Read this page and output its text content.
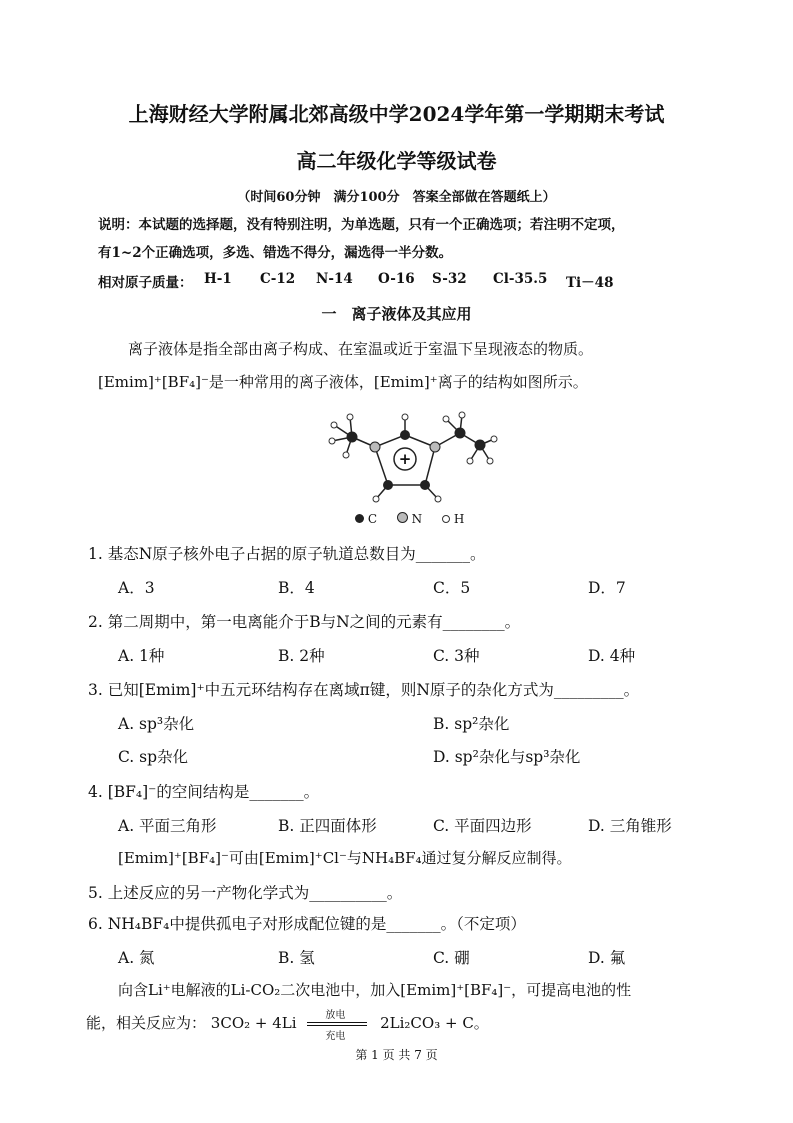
上海财经大学附属北郊高级中学2024学年第一学期期末考试
高二年级化学等级试卷
（时间60分钟　满分100分　答案全部做在答题纸上）
说明：本试题的选择题，没有特别注明，为单选题，只有一个正确选项；若注明不定项，
有1~2个正确选项，多选、错选不得分，漏选得一半分数。
相对原子质量： H-1 C-12 N-14 O-16 S-32 Cl-35.5 Ti－48
一　离子液体及其应用
离子液体是指全部由离子构成、在室温或近于室温下呈现液态的物质。
[Emim]⁺[BF₄]⁻是一种常用的离子液体，[Emim]⁺离子的结构如图所示。
+
C	N	H
1. 基态N原子核外电子占据的原子轨道总数目为_______。
A．3	B．4	C．5	D．7
2. 第二周期中，第一电离能介于B与N之间的元素有________。
A. 1种	B. 2种	C. 3种	D. 4种
3. 已知[Emim]⁺中五元环结构存在离域π键，则N原子的杂化方式为_________。
A. sp³杂化	B. sp²杂化
C. sp杂化	D. sp²杂化与sp³杂化
4. [BF₄]⁻的空间结构是_______。
A. 平面三角形	B. 正四面体形	C. 平面四边形	D. 三角锥形
[Emim]⁺[BF₄]⁻可由[Emim]⁺Cl⁻与NH₄BF₄通过复分解反应制得。
5. 上述反应的另一产物化学式为__________。
6. NH₄BF₄中提供孤电子对形成配位键的是_______。（不定项）
A. 氮	B. 氢	C. 硼	D. 氟
向含Li⁺电解液的Li-CO₂二次电池中，加入[Emim]⁺[BF₄]⁻，可提高电池的性
能，相关反应为： 3CO₂ + 4Li	放电
充电
2Li₂CO₃ + C。
第 1 页 共 7 页
